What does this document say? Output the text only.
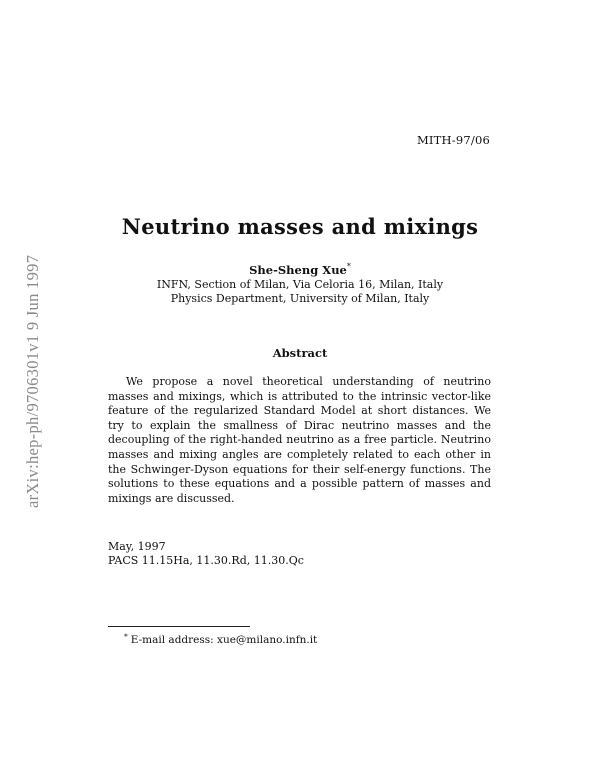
MITH-97/06
arXiv:hep-ph/9706301v1 9 Jun 1997
Neutrino masses and mixings
She-Sheng Xue*
INFN, Section of Milan, Via Celoria 16, Milan, Italy
Physics Department, University of Milan, Italy
Abstract
We propose a novel theoretical understanding of neutrino masses and mixings, which is attributed to the intrinsic vector-like feature of the regularized Standard Model at short distances. We try to explain the smallness of Dirac neutrino masses and the decoupling of the right-handed neutrino as a free particle. Neutrino masses and mixing angles are completely related to each other in the Schwinger-Dyson equations for their self-energy functions. The solutions to these equations and a possible pattern of masses and mixings are discussed.
May, 1997
PACS 11.15Ha, 11.30.Rd, 11.30.Qc
* E-mail address: xue@milano.infn.it
